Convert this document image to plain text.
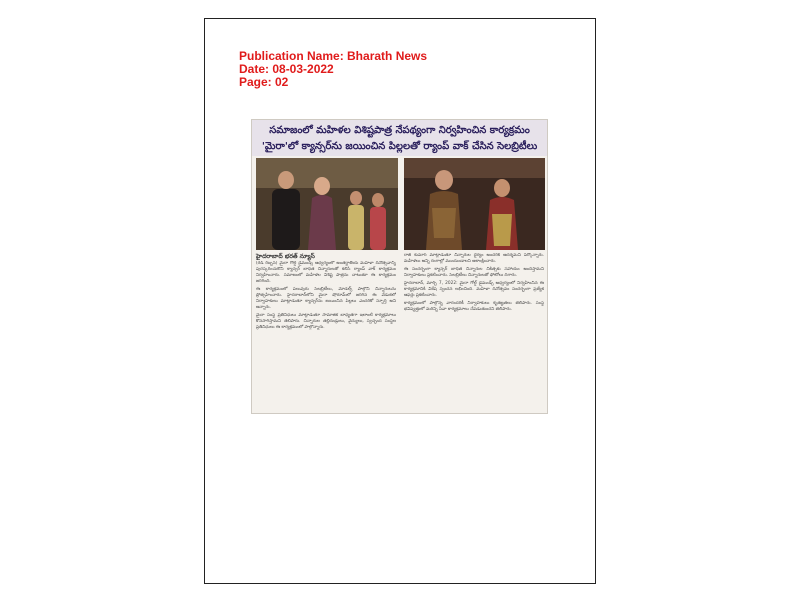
Publication Name: Bharath News
Date: 08-03-2022
Page: 02
సమాజంలో మహిళల విశిష్టపాత్ర నేపథ్యంగా నిర్వహించిన కార్యక్రమం
'మైరా'లో క్యాన్సర్‌ను జయించిన పిల్లలతో ర్యాంప్ వాక్ చేసిన సెలబ్రిటీలు
హైదరాబాద్ భరత్ న్యూస్

(రెడ్ రిబ్బన్) మైరా గోల్డ్ డైమండ్స్ ఆధ్వర్యంలో అంతర్జాతీయ మహిళా దినోత్సవాన్ని పురస్కరించుకొని క్యాన్సర్ బాధిత చిన్నారులతో కలిసి ర్యాంప్ వాక్ కార్యక్రమం నిర్వహించారు. సమాజంలో మహిళల విశిష్ట పాత్రను చాటుతూ ఈ కార్యక్రమం జరిగింది.

ఈ కార్యక్రమంలో పలువురు సెలబ్రిటీలు, మోడల్స్ పాల్గొని చిన్నారులను ప్రోత్సహించారు. హైదరాబాద్‌లోని మైరా షోరూమ్‌లో జరిగిన ఈ వేడుకలో నిర్వాహకులు మాట్లాడుతూ క్యాన్సర్‌ను జయించిన పిల్లలు ఎందరికో స్ఫూర్తి అని అన్నారు.

మైరా సంస్థ ప్రతినిధులు మాట్లాడుతూ సామాజిక బాధ్యతగా ఇలాంటి కార్యక్రమాలు కొనసాగిస్తామని తెలిపారు. చిన్నారుల తల్లిదండ్రులు, వైద్యులు, స్వచ్ఛంద సంస్థల ప్రతినిధులు ఈ కార్యక్రమంలో పాల్గొన్నారు.

రాజ్ కుమార్ మాట్లాడుతూ చిన్నారుల ధైర్యం అందరికీ ఆదర్శమని పేర్కొన్నారు. మహిళలు అన్ని రంగాల్లో ముందుండాలని ఆకాంక్షించారు.

ఈ సందర్భంగా క్యాన్సర్ బాధిత చిన్నారుల చికిత్సకు సహాయం అందిస్తామని నిర్వాహకులు ప్రకటించారు. సెలబ్రిటీలు చిన్నారులతో ఫోటోలు దిగారు.

హైదరాబాద్, మార్చి 7, 2022: మైరా గోల్డ్ డైమండ్స్ ఆధ్వర్యంలో నిర్వహించిన ఈ కార్యక్రమానికి విశేష స్పందన లభించింది. మహిళా దినోత్సవం సందర్భంగా ప్రత్యేక ఆఫర్లు ప్రకటించారు.

కార్యక్రమంలో పాల్గొన్న వారందరికీ నిర్వాహకులు కృతజ్ఞతలు తెలిపారు. సంస్థ భవిష్యత్తులో మరిన్ని సేవా కార్యక్రమాలు చేపడుతుందని తెలిపారు.
